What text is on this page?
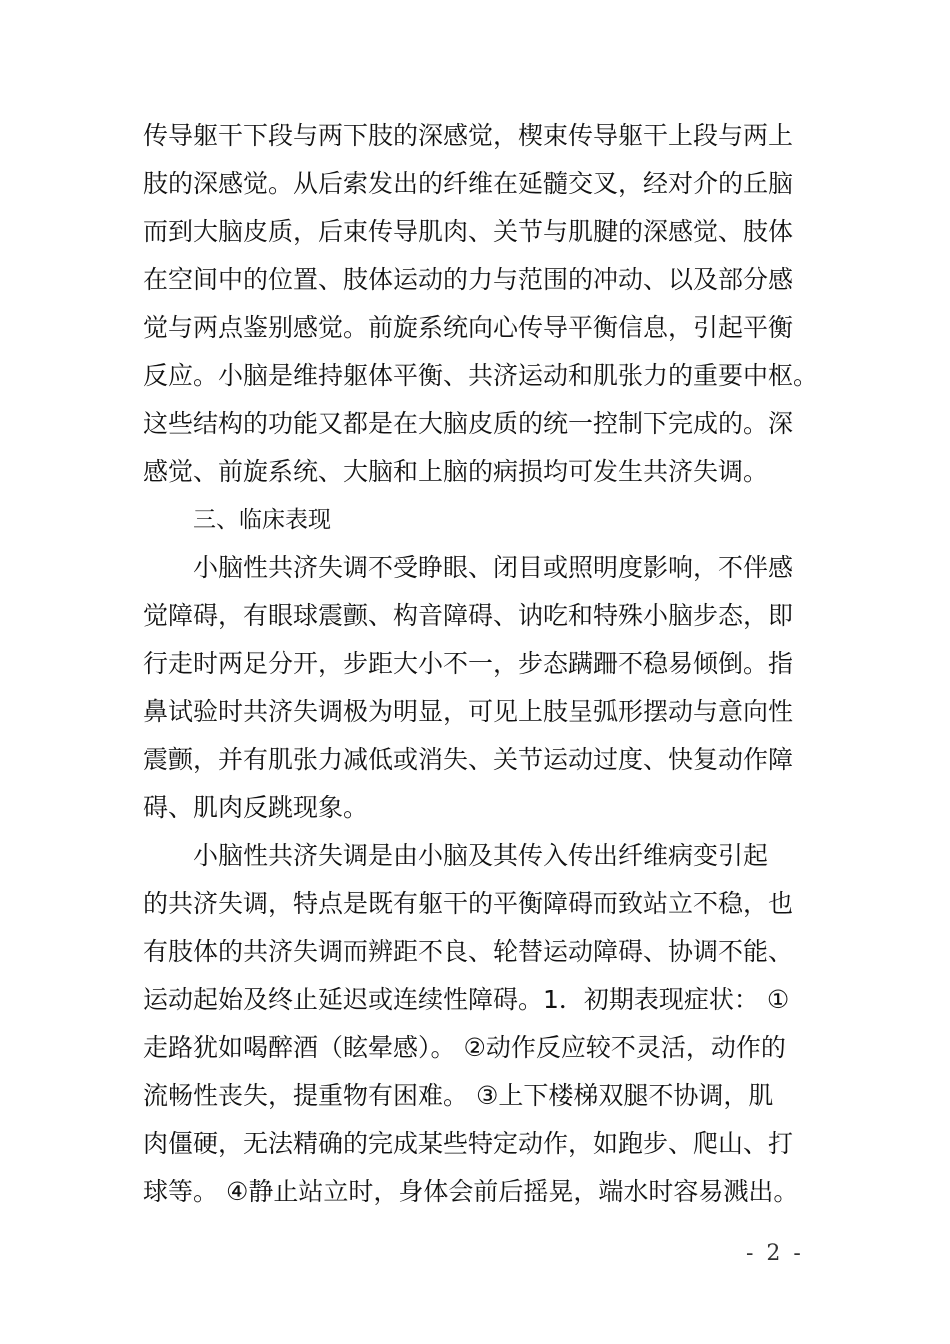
传导躯干下段与两下肢的深感觉，楔束传导躯干上段与两上
肢的深感觉。从后索发出的纤维在延髓交叉，经对介的丘脑
而到大脑皮质，后束传导肌肉、关节与肌腱的深感觉、肢体
在空间中的位置、肢体运动的力与范围的冲动、以及部分感
觉与两点鉴别感觉。前旋系统向心传导平衡信息，引起平衡
反应。小脑是维持躯体平衡、共济运动和肌张力的重要中枢。
这些结构的功能又都是在大脑皮质的统一控制下完成的。深
感觉、前旋系统、大脑和上脑的病损均可发生共济失调。
三、临床表现
小脑性共济失调不受睁眼、闭目或照明度影响，不伴感
觉障碍，有眼球震颤、构音障碍、讷吃和特殊小脑步态，即
行走时两足分开，步距大小不一，步态蹒跚不稳易倾倒。指
鼻试验时共济失调极为明显，可见上肢呈弧形摆动与意向性
震颤，并有肌张力减低或消失、关节运动过度、快复动作障
碍、肌肉反跳现象。
小脑性共济失调是由小脑及其传入传出纤维病变引起
的共济失调，特点是既有躯干的平衡障碍而致站立不稳，也
有肢体的共济失调而辨距不良、轮替运动障碍、协调不能、
运动起始及终止延迟或连续性障碍。1．初期表现症状： ①
走路犹如喝醉酒（眩晕感）。 ②动作反应较不灵活，动作的
流畅性丧失，提重物有困难。 ③上下楼梯双腿不协调，肌
肉僵硬，无法精确的完成某些特定动作，如跑步、爬山、打
球等。 ④静止站立时，身体会前后摇晃，端水时容易溅出。
- 2 -
